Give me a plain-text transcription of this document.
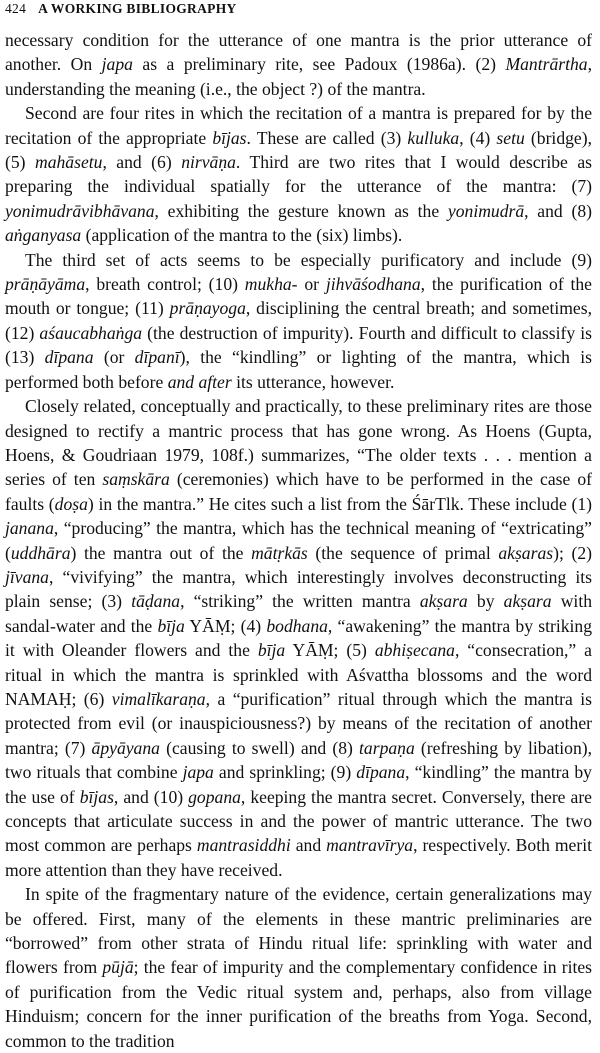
424 A WORKING BIBLIOGRAPHY

necessary condition for the utterance of one mantra is the prior utterance of another. On japa as a preliminary rite, see Padoux (1986a). (2) Mantrārtha, understanding the meaning (i.e., the object ?) of the mantra.

Second are four rites in which the recitation of a mantra is prepared for by the recitation of the appropriate bījas. These are called (3) kulluka, (4) setu (bridge), (5) mahāsetu, and (6) nirvāṇa. Third are two rites that I would describe as preparing the individual spatially for the utterance of the mantra: (7) yonimudrāvibhāvana, exhibiting the gesture known as the yonimudrā, and (8) aṅganyasa (application of the mantra to the (six) limbs).

The third set of acts seems to be especially purificatory and include (9) prāṇāyāma, breath control; (10) mukha- or jihvāśodhana, the purification of the mouth or tongue; (11) prāṇayoga, disciplining the central breath; and sometimes, (12) aśaucabhaṅga (the destruction of impurity). Fourth and difficult to classify is (13) dīpana (or dīpanī), the “kindling” or lighting of the mantra, which is performed both before and after its utterance, however.

Closely related, conceptually and practically, to these preliminary rites are those designed to rectify a mantric process that has gone wrong. As Hoens (Gupta, Hoens, & Goudriaan 1979, 108f.) summarizes, “The older texts . . . mention a series of ten saṃskāra (ceremonies) which have to be performed in the case of faults (doṣa) in the mantra.” He cites such a list from the ŚārTlk. These include (1) janana, “producing” the mantra, which has the technical meaning of “extricating” (uddhāra) the mantra out of the mātṛkās (the sequence of primal akṣaras); (2) jīvana, “vivifying” the mantra, which interestingly involves deconstructing its plain sense; (3) tāḍana, “striking” the written mantra akṣara by akṣara with sandal-water and the bīja YĀṂ; (4) bodhana, “awakening” the mantra by striking it with Oleander flowers and the bīja YĀṂ; (5) abhiṣecana, “consecration,” a ritual in which the mantra is sprinkled with Aśvattha blossoms and the word NAMAḤ; (6) vimalīkaraṇa, a “purification” ritual through which the mantra is protected from evil (or inauspiciousness?) by means of the recitation of another mantra; (7) āpyāyana (causing to swell) and (8) tarpaṇa (refreshing by libation), two rituals that combine japa and sprinkling; (9) dīpana, “kindling” the mantra by the use of bījas, and (10) gopana, keeping the mantra secret. Conversely, there are concepts that articulate success in and the power of mantric utterance. The two most common are perhaps mantrasiddhi and mantravīrya, respectively. Both merit more attention than they have received.

In spite of the fragmentary nature of the evidence, certain generalizations may be offered. First, many of the elements in these mantric preliminaries are “borrowed” from other strata of Hindu ritual life: sprinkling with water and flowers from pūjā; the fear of impurity and the complementary confidence in rites of purification from the Vedic ritual system and, perhaps, also from village Hinduism; concern for the inner purification of the breaths from Yoga. Second, common to the tradition
